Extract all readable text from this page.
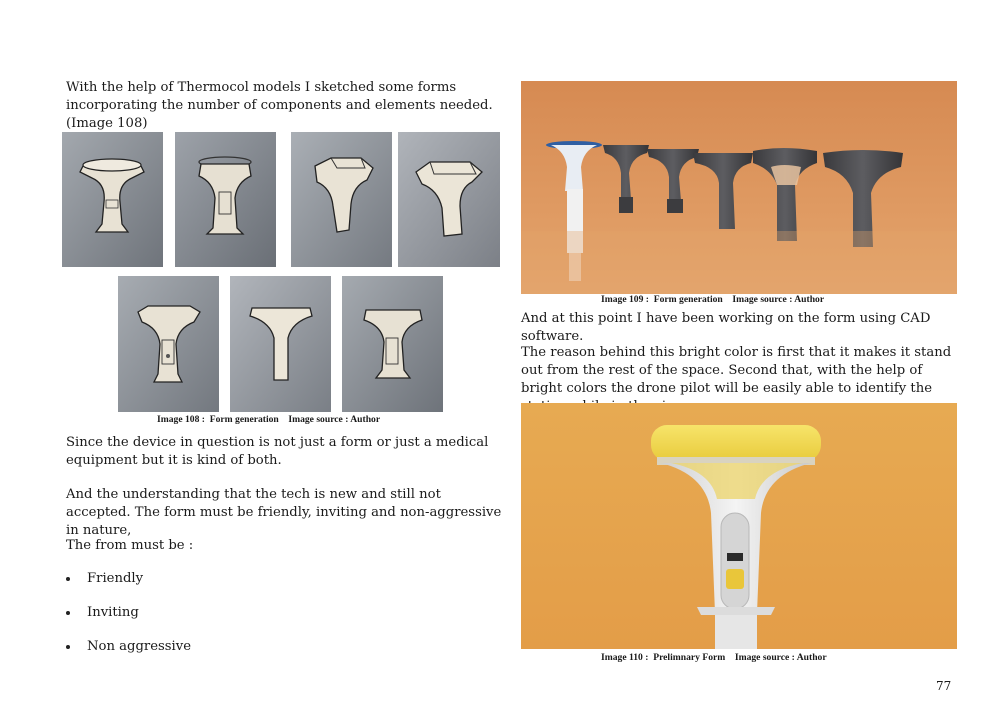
With the help of Thermocol models I sketched some forms incorporating the number of components and elements needed. (Image 108)

Image 108 :  Form generation    Image source : Author

Since the device in question is not just a form or just a medical equipment but it is kind of both.

And the understanding that the tech is new and still not accepted. The form must be friendly, inviting and non-aggressive in nature,

The from must be :

Friendly
Inviting
Non aggressive
Image 109 :  Form generation    Image source : Author

And at this point I have been working on the form using CAD software.

The reason behind this bright color is first that it makes it stand out from the rest of the space. Second that, with the help of bright colors the drone pilot will be easily able to identify the

Image 110 :  Prelimnary Form    Image source : Author
77
